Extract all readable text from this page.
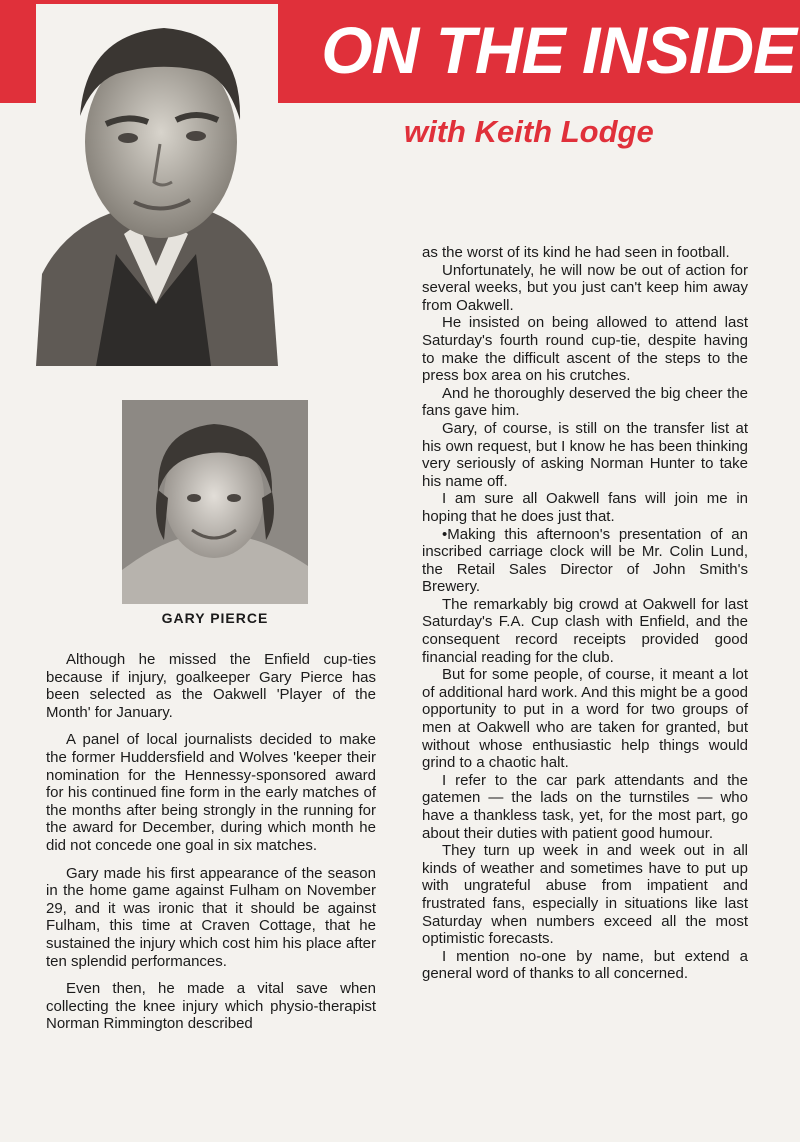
ON THE INSIDE
with Keith Lodge

GARY PIERCE

Although he missed the Enfield cup-ties because if injury, goalkeeper Gary Pierce has been selected as the Oakwell 'Player of the Month' for January.

A panel of local journalists decided to make the former Huddersfield and Wolves 'keeper their nomination for the Hennessy-sponsored award for his continued fine form in the early matches of the months after being strongly in the running for the award for December, during which month he did not concede one goal in six matches.

Gary made his first appearance of the season in the home game against Fulham on November 29, and it was ironic that it should be against Fulham, this time at Craven Cottage, that he sustained the injury which cost him his place after ten splendid performances.

Even then, he made a vital save when collecting the knee injury which physio-therapist Norman Rimmington described

as the worst of its kind he had seen in football.

Unfortunately, he will now be out of action for several weeks, but you just can't keep him away from Oakwell.

He insisted on being allowed to attend last Saturday's fourth round cup-tie, despite having to make the difficult ascent of the steps to the press box area on his crutches.

And he thoroughly deserved the big cheer the fans gave him.

Gary, of course, is still on the transfer list at his own request, but I know he has been thinking very seriously of asking Norman Hunter to take his name off.

I am sure all Oakwell fans will join me in hoping that he does just that.

•Making this afternoon's presentation of an inscribed carriage clock will be Mr. Colin Lund, the Retail Sales Director of John Smith's Brewery.

The remarkably big crowd at Oakwell for last Saturday's F.A. Cup clash with Enfield, and the consequent record receipts provided good financial reading for the club.

But for some people, of course, it meant a lot of additional hard work. And this might be a good opportunity to put in a word for two groups of men at Oakwell who are taken for granted, but without whose enthusiastic help things would grind to a chaotic halt.

I refer to the car park attendants and the gatemen — the lads on the turnstiles — who have a thankless task, yet, for the most part, go about their duties with patient good humour.

They turn up week in and week out in all kinds of weather and sometimes have to put up with ungrateful abuse from impatient and frustrated fans, especially in situations like last Saturday when numbers exceed all the most optimistic forecasts.

I mention no-one by name, but extend a general word of thanks to all concerned.
